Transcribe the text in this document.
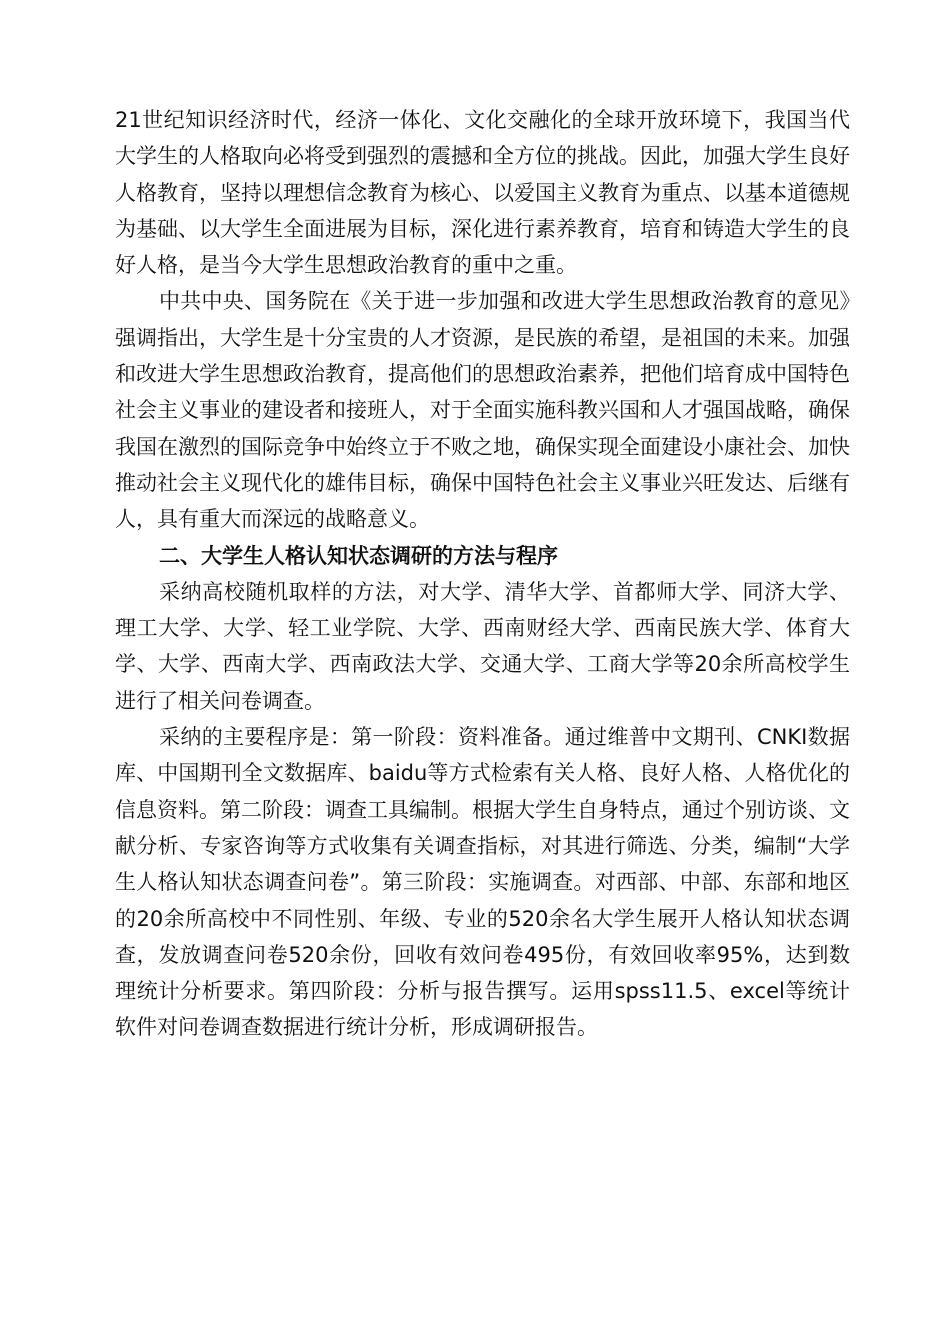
21世纪知识经济时代，经济一体化、文化交融化的全球开放环境下，我国当代大学生的人格取向必将受到强烈的震撼和全方位的挑战。因此，加强大学生良好人格教育，坚持以理想信念教育为核心、以爱国主义教育为重点、以基本道德规为基础、以大学生全面进展为目标，深化进行素养教育，培育和铸造大学生的良好人格，是当今大学生思想政治教育的重中之重。

中共中央、国务院在《关于进一步加强和改进大学生思想政治教育的意见》强调指出，大学生是十分宝贵的人才资源，是民族的希望，是祖国的未来。加强和改进大学生思想政治教育，提高他们的思想政治素养，把他们培育成中国特色社会主义事业的建设者和接班人，对于全面实施科教兴国和人才强国战略，确保我国在激烈的国际竞争中始终立于不败之地，确保实现全面建设小康社会、加快推动社会主义现代化的雄伟目标，确保中国特色社会主义事业兴旺发达、后继有人，具有重大而深远的战略意义。

二、大学生人格认知状态调研的方法与程序

采纳高校随机取样的方法，对大学、清华大学、首都师大学、同济大学、理工大学、大学、轻工业学院、大学、西南财经大学、西南民族大学、体育大学、大学、西南大学、西南政法大学、交通大学、工商大学等20余所高校学生进行了相关问卷调查。

采纳的主要程序是：第一阶段：资料准备。通过维普中文期刊、CNKI数据库、中国期刊全文数据库、baidu等方式检索有关人格、良好人格、人格优化的信息资料。第二阶段：调查工具编制。根据大学生自身特点，通过个别访谈、文献分析、专家咨询等方式收集有关调查指标，对其进行筛选、分类，编制“大学生人格认知状态调查问卷”。第三阶段：实施调查。对西部、中部、东部和地区的20余所高校中不同性别、年级、专业的520余名大学生展开人格认知状态调查，发放调查问卷520余份，回收有效问卷495份，有效回收率95%，达到数理统计分析要求。第四阶段：分析与报告撰写。运用spss11.5、excel等统计软件对问卷调查数据进行统计分析，形成调研报告。
